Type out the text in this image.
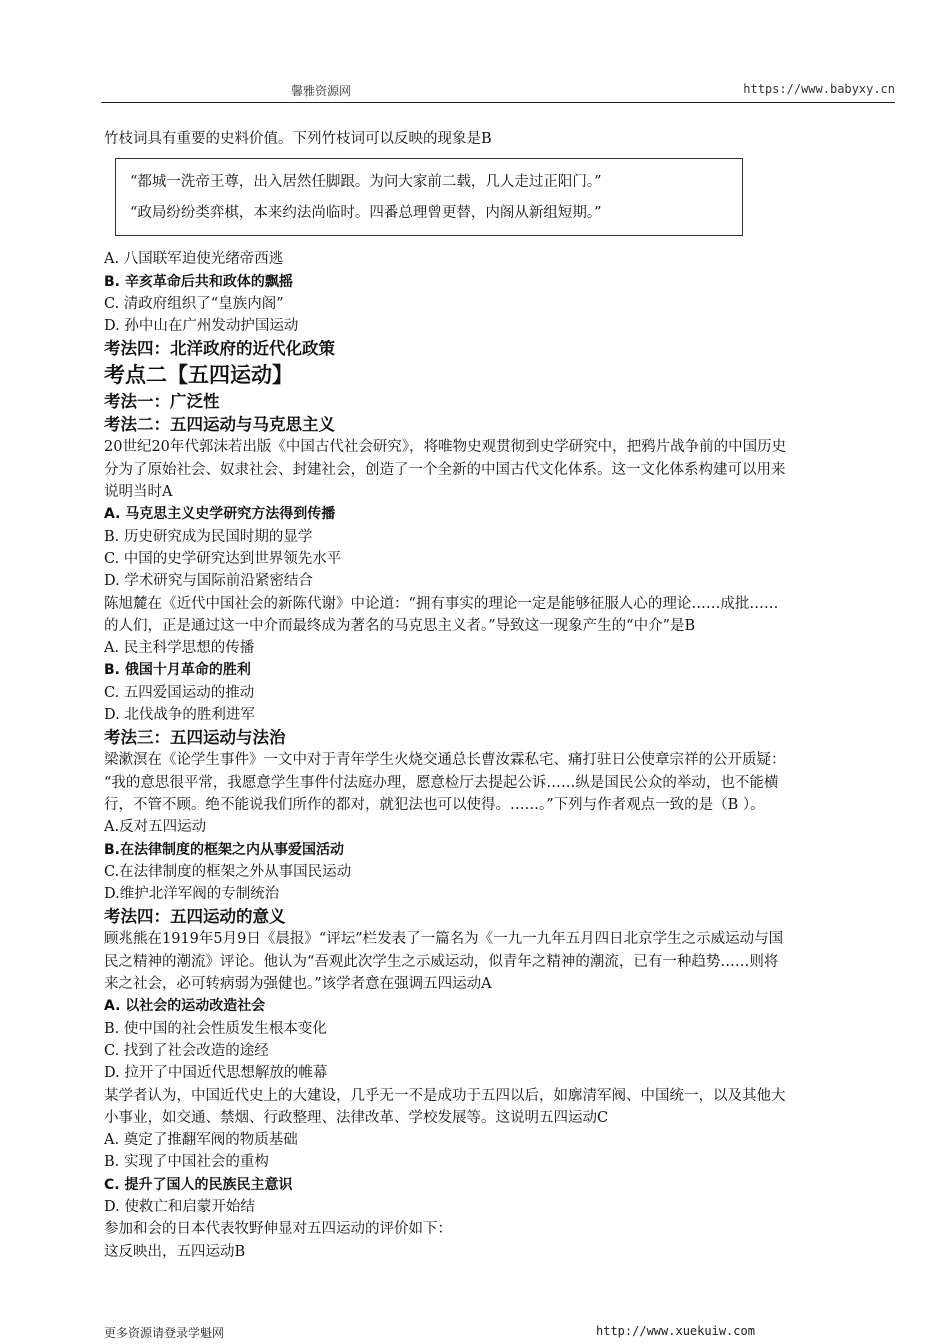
馨雅资源网	https://www.babyxy.cn
竹枝词具有重要的史料价值。下列竹枝词可以反映的现象是B
“都城一洗帝王尊，出入居然任脚跟。为问大家前二载，几人走过正阳门。”
“政局纷纷类弈棋，本来约法尚临时。四番总理曾更替，内阁从新组短期。”
A. 八国联军迫使光绪帝西逃
B. 辛亥革命后共和政体的飘摇
C. 清政府组织了“皇族内阁”
D. 孙中山在广州发动护国运动
考法四：北洋政府的近代化政策
考点二【五四运动】
考法一：广泛性
考法二：五四运动与马克思主义
20世纪20年代郭沫若出版《中国古代社会研究》，将唯物史观贯彻到史学研究中，把鸦片战争前的中国历史
分为了原始社会、奴隶社会、封建社会，创造了一个全新的中国古代文化体系。这一文化体系构建可以用来
说明当时A
A. 马克思主义史学研究方法得到传播
B. 历史研究成为民国时期的显学
C. 中国的史学研究达到世界领先水平
D. 学术研究与国际前沿紧密结合
陈旭麓在《近代中国社会的新陈代谢》中论道：“拥有事实的理论一定是能够征服人心的理论……成批……
的人们，正是通过这一中介而最终成为著名的马克思主义者。”导致这一现象产生的“中介”是B
A. 民主科学思想的传播
B. 俄国十月革命的胜利
C. 五四爱国运动的推动
D. 北伐战争的胜利进军
考法三：五四运动与法治
梁漱溟在《论学生事件》一文中对于青年学生火烧交通总长曹汝霖私宅、痛打驻日公使章宗祥的公开质疑：
“我的意思很平常，我愿意学生事件付法庭办理，愿意检厅去提起公诉……纵是国民公众的举动，也不能横
行，不管不顾。绝不能说我们所作的都对，就犯法也可以使得。……。”下列与作者观点一致的是（B ）。
A.反对五四运动
B.在法律制度的框架之内从事爱国活动
C.在法律制度的框架之外从事国民运动
D.维护北洋军阀的专制统治
考法四：五四运动的意义
顾兆熊在1919年5月9日《晨报》“评坛”栏发表了一篇名为《一九一九年五月四日北京学生之示威运动与国
民之精神的潮流》评论。他认为“吾观此次学生之示威运动，似青年之精神的潮流，已有一种趋势……则将
来之社会，必可转病弱为强健也。”该学者意在强调五四运动A
A. 以社会的运动改造社会
B. 使中国的社会性质发生根本变化
C. 找到了社会改造的途经
D. 拉开了中国近代思想解放的帷幕
某学者认为，中国近代史上的大建设，几乎无一不是成功于五四以后，如廓清军阀、中国统一，以及其他大
小事业，如交通、禁烟、行政整理、法律改革、学校发展等。这说明五四运动C
A. 奠定了推翻军阀的物质基础
B. 实现了中国社会的重构
C. 提升了国人的民族民主意识
D. 使救亡和启蒙开始结
参加和会的日本代表牧野伸显对五四运动的评价如下：
这反映出，五四运动B
更多资源请登录学魁网	http://www.xuekuiw.com
